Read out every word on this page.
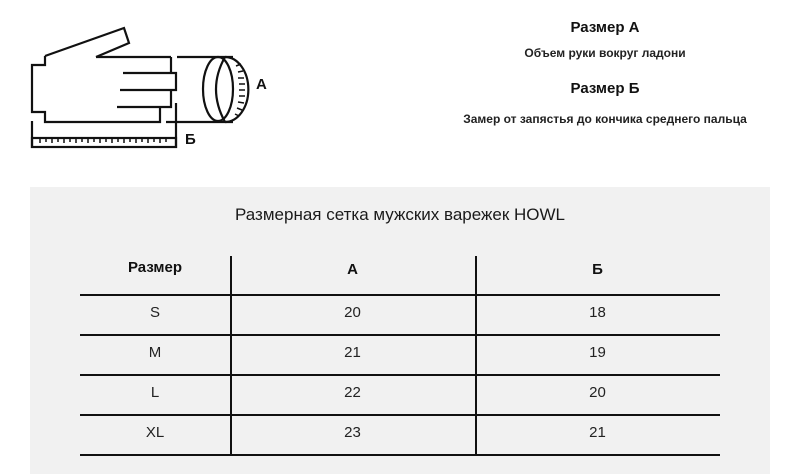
А
Б
Размер А
Объем руки вокруг ладони
Размер Б
Замер от запястья до кончика среднего пальца
Размерная сетка мужских варежек HOWL
Размер	А	Б
S	20	18
M	21	19
L	22	20
XL	23	21
